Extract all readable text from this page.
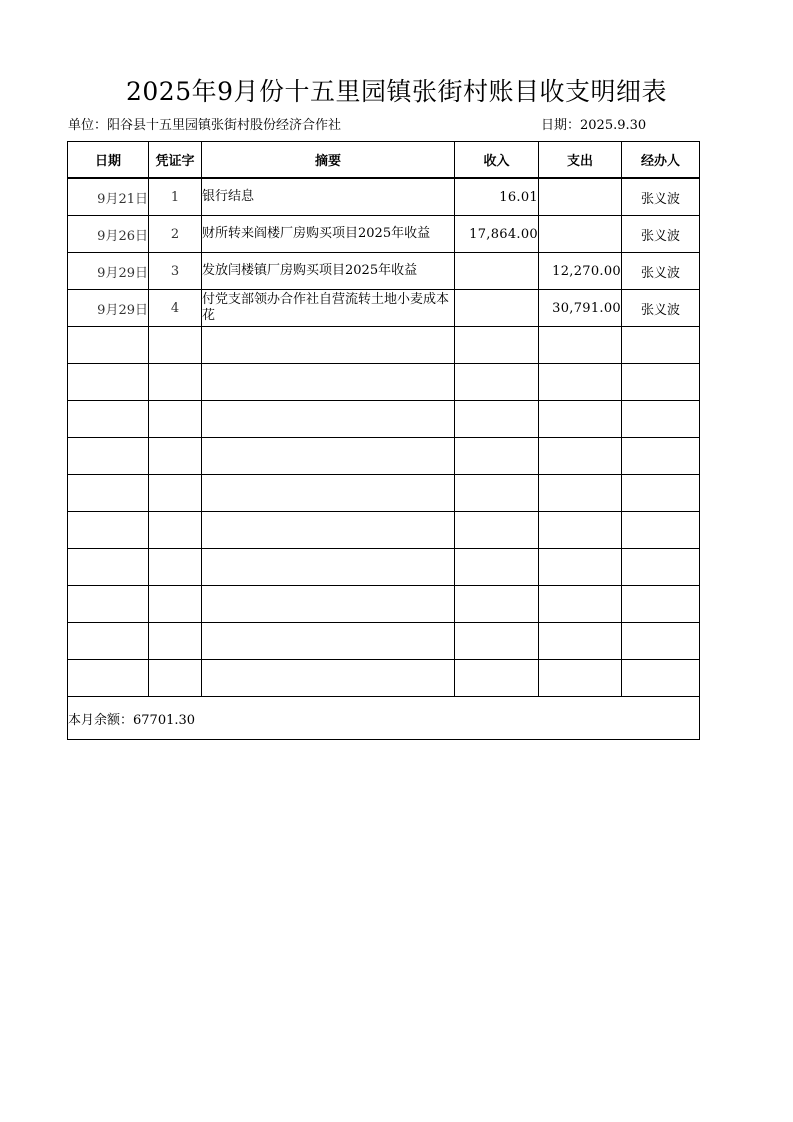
2025年9月份十五里园镇张街村账目收支明细表
单位：阳谷县十五里园镇张街村股份经济合作社	日期：2025.9.30
日期	凭证字	摘要	收入	支出	经办人
9月21日	1	银行结息	16.01		张义波
9月26日	2	财所转来阎楼厂房购买项目2025年收益	17,864.00		张义波
9月29日	3	发放闫楼镇厂房购买项目2025年收益		12,270.00	张义波
9月29日	4	付党支部领办合作社自营流转土地小麦成本花		30,791.00	张义波

本月余额：67701.30					
